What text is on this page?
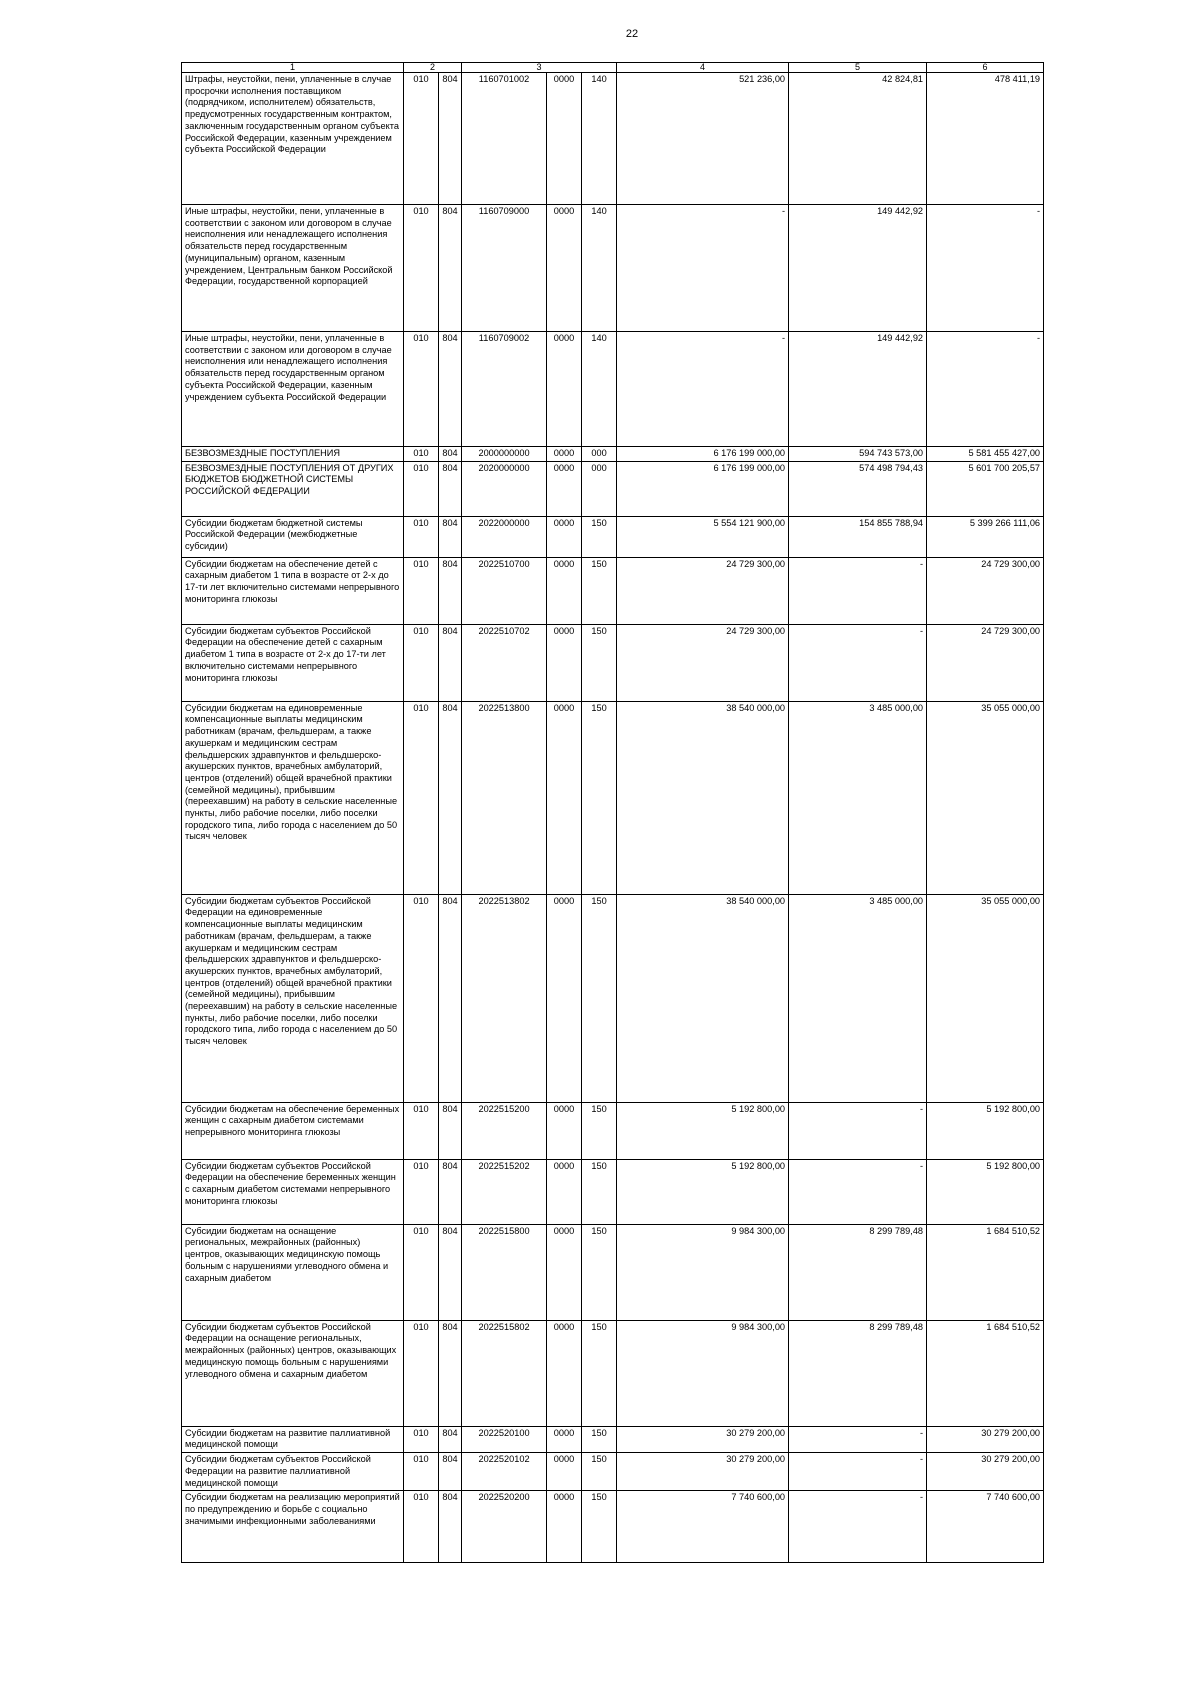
22
1	2		3			4	5	6
Штрафы, неустойки, пени, уплаченные в случае просрочки исполнения поставщиком (подрядчиком, исполнителем) обязательств, предусмотренных государственным контрактом, заключенным государственным органом субъекта Российской Федерации, казенным учреждением субъекта Российской Федерации	010	804	1160701002	0000	140	521 236,00	42 824,81	478 411,19
Иные штрафы, неустойки, пени, уплаченные в соответствии с законом или договором в случае неисполнения или ненадлежащего исполнения обязательств перед государственным (муниципальным) органом, казенным учреждением, Центральным банком Российской Федерации, государственной корпорацией	010	804	1160709000	0000	140	-	149 442,92	-
Иные штрафы, неустойки, пени, уплаченные в соответствии с законом или договором в случае неисполнения или ненадлежащего исполнения обязательств перед государственным органом субъекта Российской Федерации, казенным учреждением субъекта Российской Федерации	010	804	1160709002	0000	140	-	149 442,92	-
БЕЗВОЗМЕЗДНЫЕ ПОСТУПЛЕНИЯ	010	804	2000000000	0000	000	6 176 199 000,00	594 743 573,00	5 581 455 427,00
БЕЗВОЗМЕЗДНЫЕ ПОСТУПЛЕНИЯ ОТ ДРУГИХ БЮДЖЕТОВ БЮДЖЕТНОЙ СИСТЕМЫ РОССИЙСКОЙ ФЕДЕРАЦИИ	010	804	2020000000	0000	000	6 176 199 000,00	574 498 794,43	5 601 700 205,57
Субсидии бюджетам бюджетной системы Российской Федерации (межбюджетные субсидии)	010	804	2022000000	0000	150	5 554 121 900,00	154 855 788,94	5 399 266 111,06
Субсидии бюджетам на обеспечение детей с сахарным диабетом 1 типа в возрасте от 2-х до 17-ти лет включительно системами непрерывного мониторинга глюкозы	010	804	2022510700	0000	150	24 729 300,00	-	24 729 300,00
Субсидии бюджетам субъектов Российской Федерации на обеспечение детей с сахарным диабетом 1 типа в возрасте от 2-х до 17-ти лет включительно системами непрерывного мониторинга глюкозы	010	804	2022510702	0000	150	24 729 300,00	-	24 729 300,00
Субсидии бюджетам на единовременные компенсационные выплаты медицинским работникам (врачам, фельдшерам, а также акушеркам и медицинским сестрам фельдшерских здравпунктов и фельдшерско-акушерских пунктов, врачебных амбулаторий, центров (отделений) общей врачебной практики (семейной медицины), прибывшим (переехавшим) на работу в сельские населенные пункты, либо рабочие поселки, либо поселки городского типа, либо города с населением до 50 тысяч человек	010	804	2022513800	0000	150	38 540 000,00	3 485 000,00	35 055 000,00
Субсидии бюджетам субъектов Российской Федерации на единовременные компенсационные выплаты медицинским работникам (врачам, фельдшерам, а также акушеркам и медицинским сестрам фельдшерских здравпунктов и фельдшерско-акушерских пунктов, врачебных амбулаторий, центров (отделений) общей врачебной практики (семейной медицины), прибывшим (переехавшим) на работу в сельские населенные пункты, либо рабочие поселки, либо поселки городского типа, либо города с населением до 50 тысяч человек	010	804	2022513802	0000	150	38 540 000,00	3 485 000,00	35 055 000,00
Субсидии бюджетам на обеспечение беременных женщин с сахарным диабетом системами непрерывного мониторинга глюкозы	010	804	2022515200	0000	150	5 192 800,00	-	5 192 800,00
Субсидии бюджетам субъектов Российской Федерации на обеспечение беременных женщин с сахарным диабетом системами непрерывного мониторинга глюкозы	010	804	2022515202	0000	150	5 192 800,00	-	5 192 800,00
Субсидии бюджетам на оснащение региональных, межрайонных (районных) центров, оказывающих медицинскую помощь больным с нарушениями углеводного обмена и сахарным диабетом	010	804	2022515800	0000	150	9 984 300,00	8 299 789,48	1 684 510,52
Субсидии бюджетам субъектов Российской Федерации на оснащение региональных, межрайонных (районных) центров, оказывающих медицинскую помощь больным с нарушениями углеводного обмена и сахарным диабетом	010	804	2022515802	0000	150	9 984 300,00	8 299 789,48	1 684 510,52
Субсидии бюджетам на развитие паллиативной медицинской помощи	010	804	2022520100	0000	150	30 279 200,00	-	30 279 200,00
Субсидии бюджетам субъектов Российской Федерации на развитие паллиативной медицинской помощи	010	804	2022520102	0000	150	30 279 200,00	-	30 279 200,00
Субсидии бюджетам на реализацию мероприятий по предупреждению и борьбе с социально значимыми инфекционными заболеваниями	010	804	2022520200	0000	150	7 740 600,00	-	7 740 600,00
